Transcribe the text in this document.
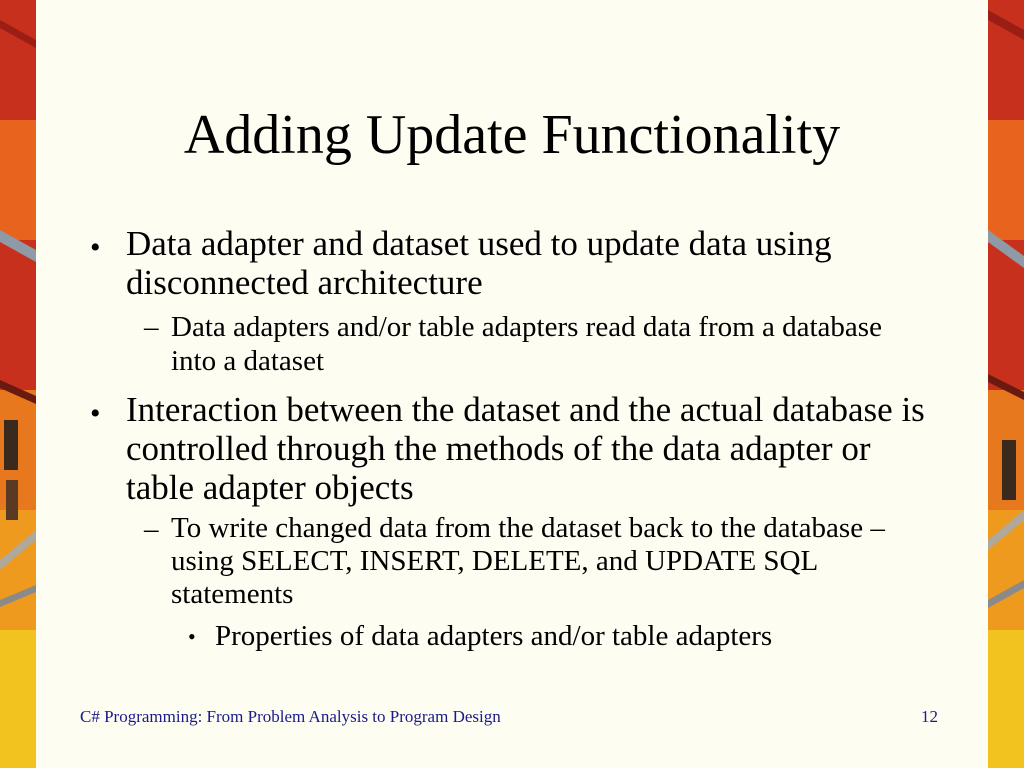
Adding Update Functionality
• Data adapter and dataset used to update data using disconnected architecture
– Data adapters and/or table adapters read data from a database into a dataset
• Interaction between the dataset and the actual database is controlled through the methods of the data adapter or table adapter objects
– To write changed data from the dataset back to the database – using SELECT, INSERT, DELETE, and UPDATE SQL statements
• Properties of data adapters and/or table adapters
C# Programming: From Problem Analysis to Program Design	12
